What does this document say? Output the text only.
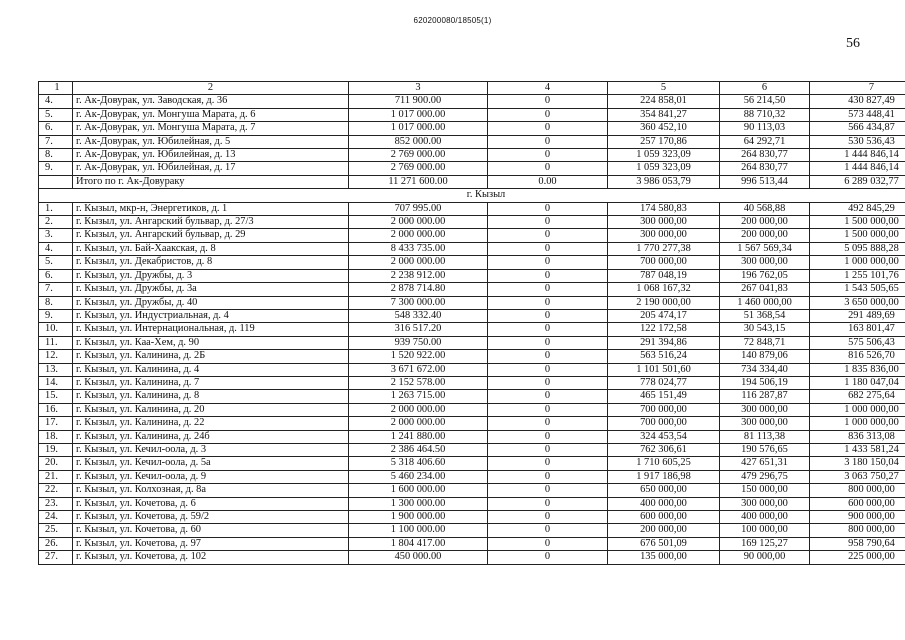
620200080/18505(1)
56
1	2	3	4	5	6	7
4.	г. Ак-Довурак, ул. Заводская, д. 36	711 900.00	0	224 858,01	56 214,50	430 827,49
5.	г. Ак-Довурак, ул. Монгуша Марата, д. 6	1 017 000.00	0	354 841,27	88 710,32	573 448,41
6.	г. Ак-Довурак, ул. Монгуша Марата, д. 7	1 017 000.00	0	360 452,10	90 113,03	566 434,87
7.	г. Ак-Довурак, ул. Юбилейная, д. 5	852 000.00	0	257 170,86	64 292,71	530 536,43
8.	г. Ак-Довурак, ул. Юбилейная, д. 13	2 769 000.00	0	1 059 323,09	264 830,77	1 444 846,14
9.	г. Ак-Довурак, ул. Юбилейная, д. 17	2 769 000.00	0	1 059 323,09	264 830,77	1 444 846,14
	Итого по г. Ак-Довураку	11 271 600.00	0.00	3 986 053,79	996 513,44	6 289 032,77
г. Кызыл						
1.	г. Кызыл, мкр-н, Энергетиков, д. 1	707 995.00	0	174 580,83	40 568,88	492 845,29
2.	г. Кызыл, ул. Ангарский бульвар, д. 27/3	2 000 000.00	0	300 000,00	200 000,00	1 500 000,00
3.	г. Кызыл, ул. Ангарский бульвар, д. 29	2 000 000.00	0	300 000,00	200 000,00	1 500 000,00
4.	г. Кызыл, ул. Бай-Хаакская, д. 8	8 433 735.00	0	1 770 277,38	1 567 569,34	5 095 888,28
5.	г. Кызыл, ул. Декабристов, д. 8	2 000 000.00	0	700 000,00	300 000,00	1 000 000,00
6.	г. Кызыл, ул. Дружбы, д. 3	2 238 912.00	0	787 048,19	196 762,05	1 255 101,76
7.	г. Кызыл, ул. Дружбы, д. 3а	2 878 714.80	0	1 068 167,32	267 041,83	1 543 505,65
8.	г. Кызыл, ул. Дружбы, д. 40	7 300 000.00	0	2 190 000,00	1 460 000,00	3 650 000,00
9.	г. Кызыл, ул. Индустриальная, д. 4	548 332.40	0	205 474,17	51 368,54	291 489,69
10.	г. Кызыл, ул. Интернациональная, д. 119	316 517.20	0	122 172,58	30 543,15	163 801,47
11.	г. Кызыл, ул. Каа-Хем, д. 90	939 750.00	0	291 394,86	72 848,71	575 506,43
12.	г. Кызыл, ул. Калинина, д. 2Б	1 520 922.00	0	563 516,24	140 879,06	816 526,70
13.	г. Кызыл, ул. Калинина, д. 4	3 671 672.00	0	1 101 501,60	734 334,40	1 835 836,00
14.	г. Кызыл, ул. Калинина, д. 7	2 152 578.00	0	778 024,77	194 506,19	1 180 047,04
15.	г. Кызыл, ул. Калинина, д. 8	1 263 715.00	0	465 151,49	116 287,87	682 275,64
16.	г. Кызыл, ул. Калинина, д. 20	2 000 000.00	0	700 000,00	300 000,00	1 000 000,00
17.	г. Кызыл, ул. Калинина, д. 22	2 000 000.00	0	700 000,00	300 000,00	1 000 000,00
18.	г. Кызыл, ул. Калинина, д. 24б	1 241 880.00	0	324 453,54	81 113,38	836 313,08
19.	г. Кызыл, ул. Кечил-оола, д. 3	2 386 464.50	0	762 306,61	190 576,65	1 433 581,24
20.	г. Кызыл, ул. Кечил-оола, д. 5а	5 318 406.60	0	1 710 605,25	427 651,31	3 180 150,04
21.	г. Кызыл, ул. Кечил-оола, д. 9	5 460 234.00	0	1 917 186,98	479 296,75	3 063 750,27
22.	г. Кызыл, ул. Колхозная, д. 8а	1 600 000.00	0	650 000,00	150 000,00	800 000,00
23.	г. Кызыл, ул. Кочетова, д. 6	1 300 000.00	0	400 000,00	300 000,00	600 000,00
24.	г. Кызыл, ул. Кочетова, д. 59/2	1 900 000.00	0	600 000,00	400 000,00	900 000,00
25.	г. Кызыл, ул. Кочетова, д. 60	1 100 000.00	0	200 000,00	100 000,00	800 000,00
26.	г. Кызыл, ул. Кочетова, д. 97	1 804 417.00	0	676 501,09	169 125,27	958 790,64
27.	г. Кызыл, ул. Кочетова, д. 102	450 000.00	0	135 000,00	90 000,00	225 000,00
